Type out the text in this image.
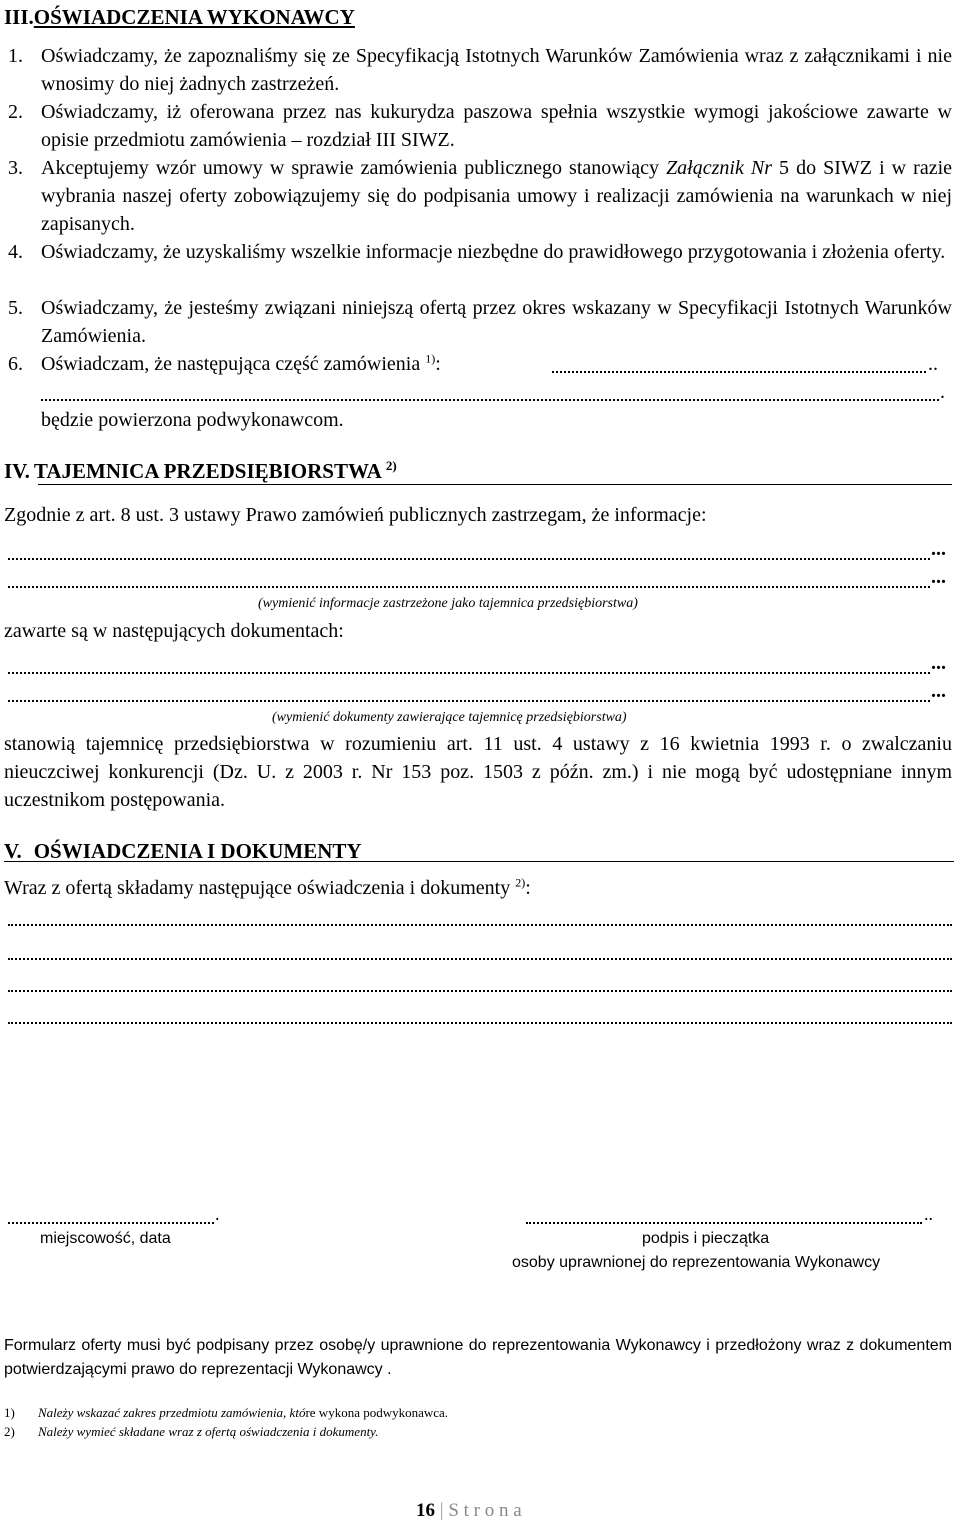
III.OŚWIADCZENIA WYKONAWCY
1. Oświadczamy, że zapoznaliśmy się ze Specyfikacją Istotnych Warunków Zamówienia wraz z załącznikami i nie wnosimy do niej żadnych zastrzeżeń.
2. Oświadczamy, iż oferowana przez nas kukurydza paszowa spełnia wszystkie wymogi jakościowe zawarte w opisie przedmiotu zamówienia – rozdział III SIWZ.
3. Akceptujemy wzór umowy w sprawie zamówienia publicznego stanowiący Załącznik Nr 5 do SIWZ i w razie wybrania naszej oferty zobowiązujemy się do podpisania umowy i realizacji zamówienia na warunkach w niej zapisanych.
4. Oświadczamy, że uzyskaliśmy wszelkie informacje niezbędne do prawidłowego przygotowania i złożenia oferty.
5. Oświadczamy, że jesteśmy związani niniejszą ofertą przez okres wskazany w Specyfikacji Istotnych Warunków Zamówienia.
6. Oświadczam, że następująca część zamówienia $^{1)}$:	..
.
będzie powierzona podwykonawcom.
IV. TAJEMNICA PRZEDSIĘBIORSTWA $^{2)}$
Zgodnie z art. 8 ust. 3 ustawy Prawo zamówień publicznych zastrzegam, że informacje:
...
...
(wymienić informacje zastrzeżone jako tajemnica przedsiębiorstwa)
zawarte są w następujących dokumentach:
...
...
(wymienić dokumenty zawierające tajemnicę przedsiębiorstwa)
stanowią tajemnicę przedsiębiorstwa w rozumieniu art. 11 ust. 4 ustawy z 16 kwietnia 1993 r. o zwalczaniu nieuczciwej konkurencji (Dz. U. z 2003 r. Nr 153 poz. 1503 z późn. zm.) i nie mogą być udostępniane innym uczestnikom postępowania.
V. OŚWIADCZENIA I DOKUMENTY
Wraz z ofertą składamy następujące oświadczenia i dokumenty $^{2)}$:
.
miejscowość, data
..
podpis i pieczątka
osoby uprawnionej do reprezentowania Wykonawcy
Formularz oferty musi być podpisany przez osobę/y uprawnione do reprezentowania Wykonawcy i przedłożony wraz z dokumentem potwierdzającymi prawo do reprezentacji Wykonawcy .
1) Należy wskazać zakres przedmiotu zamówienia, które wykona podwykonawca.
2) Należy wymieć składane wraz z ofertą oświadczenia i dokumenty.
16 | S t r o n a
